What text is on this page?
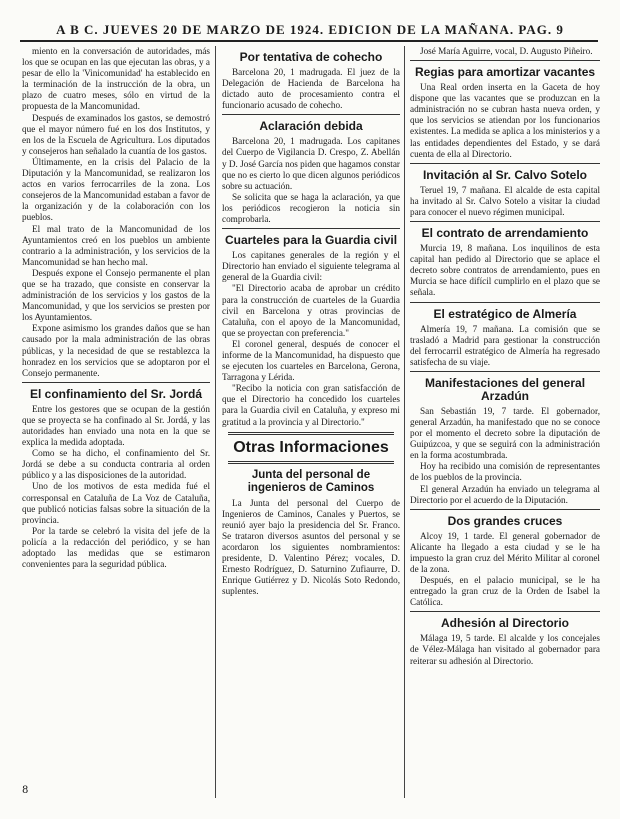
A B C. JUEVES 20 DE MARZO DE 1924. EDICION DE LA MAÑANA. PAG. 9

miento en la conversación de autoridades, más los que se ocupan en las que ejecutan las obras, y a pesar de ello la 'Vinicomunidad' ha establecido en la terminación de la instrucción de la obra, un plazo de cuatro meses, sólo en virtud de la propuesta de la Mancomunidad.

Después de examinados los gastos, se demostró que el mayor número fué en los dos Institutos, y en los de la Escuela de Agricultura. Los diputados y consejeros han señalado la cuantía de los gastos.

Últimamente, en la crisis del Palacio de la Diputación y la Mancomunidad, se realizaron los actos en varios ferrocarriles de la zona. Los consejeros de la Mancomunidad estaban a favor de la organización y de la colaboración con los pueblos.

El mal trato de la Mancomunidad de los Ayuntamientos creó en los pueblos un ambiente contrario a la administración, y los servicios de la Mancomunidad se han hecho mal.

Después expone el Consejo permanente el plan que se ha trazado, que consiste en conservar la administración de los servicios y los gastos de la Mancomunidad, y que los servicios se presten por los Ayuntamientos.

Expone asimismo los grandes daños que se han causado por la mala administración de las obras públicas, y la necesidad de que se restablezca la honradez en los servicios que se adoptaron por el Consejo permanente.

El confinamiento del Sr. Jordá

Entre los gestores que se ocupan de la gestión que se proyecta se ha confinado al Sr. Jordá, y las autoridades han enviado una nota en la que se explica la medida adoptada.

Como se ha dicho, el confinamiento del Sr. Jordá se debe a su conducta contraria al orden público y a las disposiciones de la autoridad.

Uno de los motivos de esta medida fué el corresponsal en Cataluña de La Voz de Cataluña, que publicó noticias falsas sobre la situación de la provincia.

Por la tarde se celebró la visita del jefe de la policía a la redacción del periódico, y se han adoptado las medidas que se estimaron convenientes para la seguridad pública.

Por tentativa de cohecho

Barcelona 20, 1 madrugada. El juez de la Delegación de Hacienda de Barcelona ha dictado auto de procesamiento contra el funcionario acusado de cohecho.

Aclaración debida

Barcelona 20, 1 madrugada. Los capitanes del Cuerpo de Vigilancia D. Crespo, Z. Abellán y D. José García nos piden que hagamos constar que no es cierto lo que dicen algunos periódicos sobre su actuación.

Se solicita que se haga la aclaración, ya que los periódicos recogieron la noticia sin comprobarla.

Cuarteles para la Guardia civil

Los capitanes generales de la región y el Directorio han enviado el siguiente telegrama al general de la Guardia civil:

"El Directorio acaba de aprobar un crédito para la construcción de cuarteles de la Guardia civil en Barcelona y otras provincias de Cataluña, con el apoyo de la Mancomunidad, que se proyectan con preferencia."

El coronel general, después de conocer el informe de la Mancomunidad, ha dispuesto que se ejecuten los cuarteles en Barcelona, Gerona, Tarragona y Lérida.

"Recibo la noticia con gran satisfacción de que el Directorio ha concedido los cuarteles para la Guardia civil en Cataluña, y expreso mi gratitud a la provincia y al Directorio."

Otras Informaciones
Junta del personal de ingenieros de Caminos

La Junta del personal del Cuerpo de Ingenieros de Caminos, Canales y Puertos, se reunió ayer bajo la presidencia del Sr. Franco. Se trataron diversos asuntos del personal y se acordaron los siguientes nombramientos: presidente, D. Valentino Pérez; vocales, D. Ernesto Rodríguez, D. Saturnino Zufiaurre, D. Enrique Gutiérrez y D. Nicolás Soto Redondo, suplentes.

José María Aguirre, vocal, D. Augusto Piñeiro.

Regias para amortizar vacantes

Una Real orden inserta en la Gaceta de hoy dispone que las vacantes que se produzcan en la administración no se cubran hasta nueva orden, y que los servicios se atiendan por los funcionarios existentes. La medida se aplica a los ministerios y a las entidades dependientes del Estado, y se dará cuenta de ella al Directorio.

Invitación al Sr. Calvo Sotelo

Teruel 19, 7 mañana. El alcalde de esta capital ha invitado al Sr. Calvo Sotelo a visitar la ciudad para conocer el nuevo régimen municipal.

El contrato de arrendamiento

Murcia 19, 8 mañana. Los inquilinos de esta capital han pedido al Directorio que se aplace el decreto sobre contratos de arrendamiento, pues en Murcia se hace difícil cumplirlo en el plazo que se señala.

El estratégico de Almería

Almería 19, 7 mañana. La comisión que se trasladó a Madrid para gestionar la construcción del ferrocarril estratégico de Almería ha regresado satisfecha de su viaje.

Manifestaciones del general Arzadún

San Sebastián 19, 7 tarde. El gobernador, general Arzadún, ha manifestado que no se conoce por el momento el decreto sobre la diputación de Guipúzcoa, y que se seguirá con la administración en la forma acostumbrada.

Hoy ha recibido una comisión de representantes de los pueblos de la provincia.

El general Arzadún ha enviado un telegrama al Directorio por el acuerdo de la Diputación.

Dos grandes cruces

Alcoy 19, 1 tarde. El general gobernador de Alicante ha llegado a esta ciudad y se le ha impuesto la gran cruz del Mérito Militar al coronel de la zona.

Después, en el palacio municipal, se le ha entregado la gran cruz de la Orden de Isabel la Católica.

Adhesión al Directorio

Málaga 19, 5 tarde. El alcalde y los concejales de Vélez-Málaga han visitado al gobernador para reiterar su adhesión al Directorio.

8
